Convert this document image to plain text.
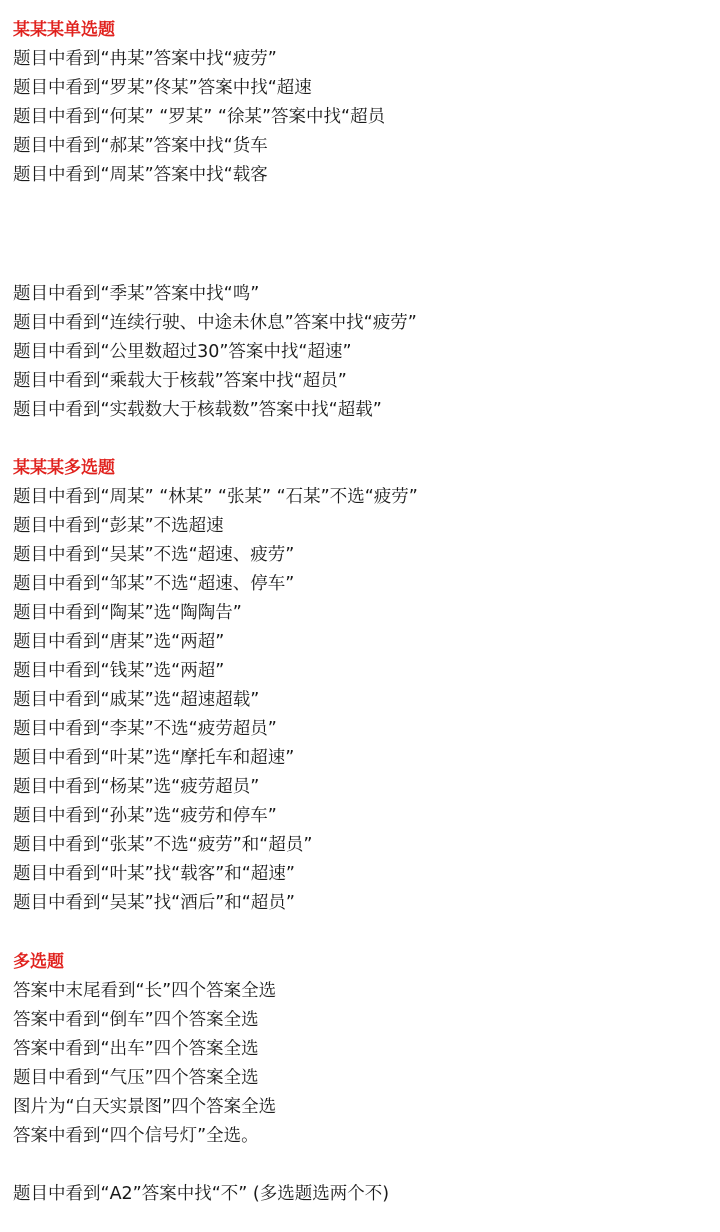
某某某单选题
题目中看到“冉某”答案中找“疲劳”
题目中看到“罗某”佟某”答案中找“超速
题目中看到“何某” “罗某” “徐某”答案中找“超员
题目中看到“郝某”答案中找“货车
题目中看到“周某”答案中找“载客
题目中看到“季某”答案中找“鸣”
题目中看到“连续行驶、中途未休息”答案中找“疲劳”
题目中看到“公里数超过30”答案中找“超速”
题目中看到“乘载大于核载”答案中找“超员”
题目中看到“实载数大于核载数”答案中找“超载”
某某某多选题
题目中看到“周某” “林某” “张某” “石某”不选“疲劳”
题目中看到“彭某”不选超速
题目中看到“吴某”不选“超速、疲劳”
题目中看到“邹某”不选“超速、停车”
题目中看到“陶某”选“陶陶告”
题目中看到“唐某”选“两超”
题目中看到“钱某”选“两超”
题目中看到“戚某”选“超速超载”
题目中看到“李某”不选“疲劳超员”
题目中看到“叶某”选“摩托车和超速”
题目中看到“杨某”选“疲劳超员”
题目中看到“孙某”选“疲劳和停车”
题目中看到“张某”不选“疲劳”和“超员”
题目中看到“叶某”找“载客”和“超速”
题目中看到“吴某”找“酒后”和“超员”
多选题
答案中末尾看到“长”四个答案全选
答案中看到“倒车”四个答案全选
答案中看到“出车”四个答案全选
题目中看到“气压”四个答案全选
图片为“白天实景图”四个答案全选
答案中看到“四个信号灯”全选。
题目中看到“A2”答案中找“不” (多选题选两个不)
